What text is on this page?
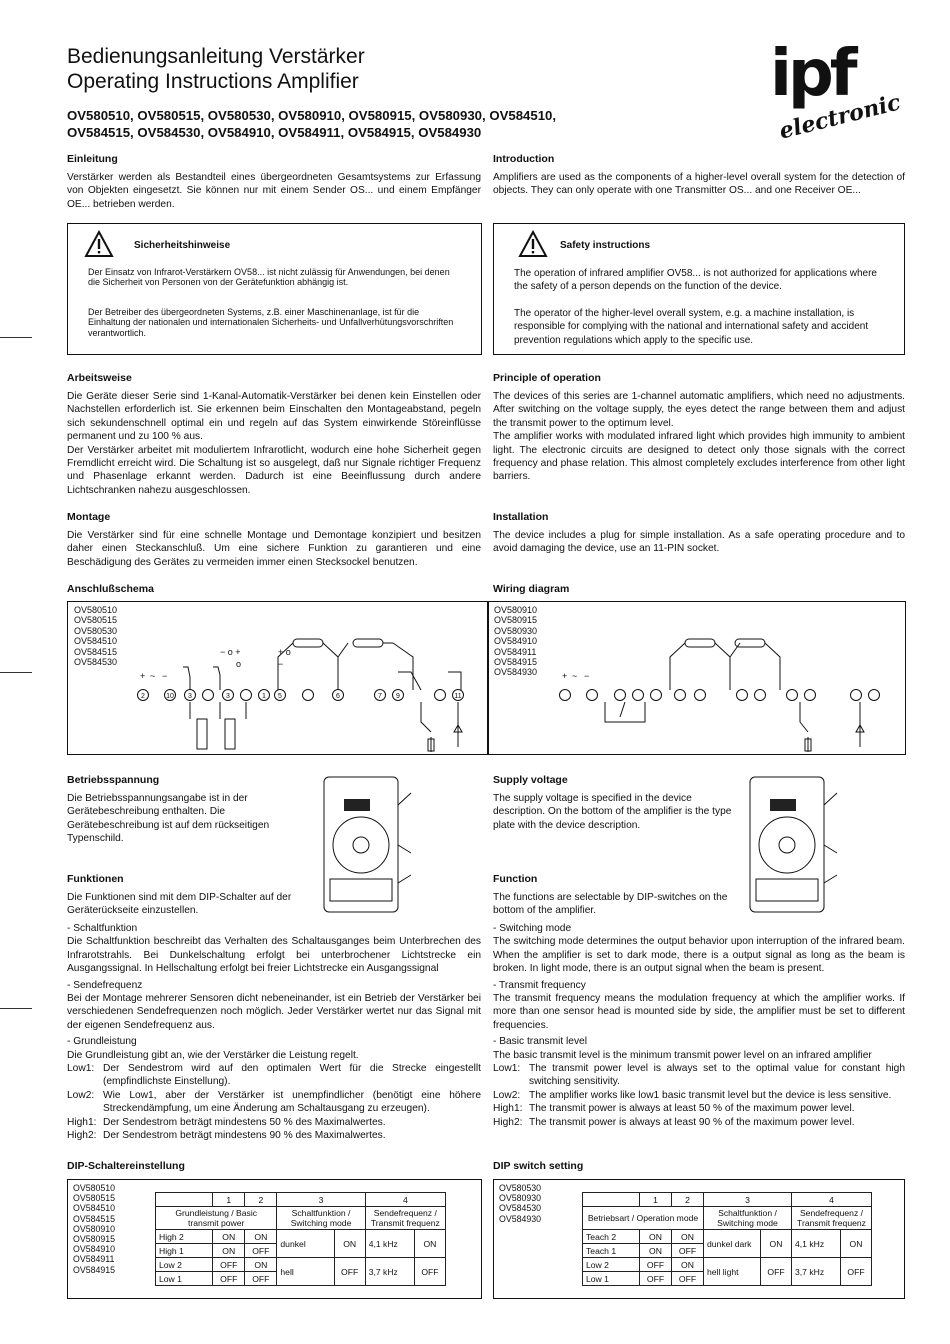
Bedienungsanleitung Verstärker
Operating Instructions Amplifier
OV580510, OV580515, OV580530, OV580910, OV580915, OV580930, OV584510,
OV584515, OV584530, OV584910, OV584911, OV584915, OV584930
ipf
electronic
Einleitung
Verstärker werden als Bestandteil eines übergeordneten Gesamtsystems zur Erfassung von Objekten eingesetzt. Sie können nur mit einem Sender OS... und einem Empfänger OE... betrieben werden.
Sicherheitshinweise
Der Einsatz von Infrarot-Verstärkern OV58... ist nicht zulässig für Anwendungen, bei denen die Sicherheit von Personen von der Gerätefunktion abhängig ist.
Der Betreiber des übergeordneten Systems, z.B. einer Maschinenanlage, ist für die Einhaltung der nationalen und internationalen Sicherheits- und Unfallverhütungsvorschriften verantwortlich.
Arbeitsweise

Die Geräte dieser Serie sind 1-Kanal-Automatik-Verstärker bei denen kein Einstellen oder Nachstellen erforderlich ist. Sie erkennen beim Einschalten den Montageabstand, pegeln sich sekundenschnell optimal ein und regeln auf das System einwirkende Störeinflüsse permanent und zu 100 % aus.

Der Verstärker arbeitet mit moduliertem Infrarotlicht, wodurch eine hohe Sicherheit gegen Fremdlicht erreicht wird. Die Schaltung ist so ausgelegt, daß nur Signale richtiger Frequenz und Phasenlage erkannt werden. Dadurch ist eine Beeinflussung durch andere Lichtschranken nahezu ausgeschlossen.

Montage
Die Verstärker sind für eine schnelle Montage und Demontage konzipiert und besitzen daher einen Steckanschluß. Um eine sichere Funktion zu garantieren und eine Beschädigung des Gerätes zu vermeiden immer einen Stecksockel benutzen.
Anschlußschema
Introduction
Amplifiers are used as the components of a higher-level overall system for the detection of objects. They can only operate with one Transmitter OS... and one Receiver OE...
Safety instructions
The operation of infrared amplifier OV58... is not authorized for applications where the safety of a person depends on the function of the device.
The operator of the higher-level overall system, e.g. a machine installation, is responsible for complying with the national and international safety and accident prevention regulations which apply to the specific use.
Principle of operation

The devices of this series are 1-channel automatic amplifiers, which need no adjustments. After switching on the voltage supply, the eyes detect the range between them and adjust the transmit power to the optimum level.

The amplifier works with modulated infrared light which provides high immunity to ambient light. The electronic circuits are designed to detect only those signals with the correct frequency and phase relation. This almost completely excludes interference from other light barriers.

Installation
The device includes a plug for simple installation. As a safe operating procedure and to avoid damaging the device, use an 11-PIN socket.
Wiring diagram
OV580510
OV580515
OV580530
OV584510
OV584515
OV584530
OV580910
OV580915
OV580930
OV584910
OV584911
OV584915
OV584930
+ ~ −
− o +
o
+ o
−
2	10 3	3	1 5	6	7 9	11
+ ~ −
Betriebsspannung
Die Betriebsspannungsangabe ist in der Gerätebeschreibung enthalten. Die Gerätebeschreibung ist auf dem rückseitigen Typenschild.
Funktionen
Die Funktionen sind mit dem DIP-Schalter auf der Geräterückseite einzustellen.

- Schaltfunktion

Die Schaltfunktion beschreibt das Verhalten des Schaltausganges beim Unterbrechen des Infrarotstrahls. Bei Dunkelschaltung erfolgt bei unterbrochener Lichtstrecke ein Ausgangssignal. In Hellschaltung erfolgt bei freier Lichtstrecke ein Ausgangssignal

- Sendefrequenz

Bei der Montage mehrerer Sensoren dicht nebeneinander, ist ein Betrieb der Verstärker bei verschiedenen Sendefrequenzen noch möglich. Jeder Verstärker wertet nur das Signal mit der eigenen Sendefrequenz aus.

- Grundleistung

Die Grundleistung gibt an, wie der Verstärker die Leistung regelt.

Low1: Der Sendestrom wird auf den optimalen Wert für die Strecke eingestellt (empfindlichste Einstellung).
Low2: Wie Low1, aber der Verstärker ist unempfindlicher (benötigt eine höhere Streckendämpfung, um eine Änderung am Schaltausgang zu erzeugen).
High1: Der Sendestrom beträgt mindestens 50 % des Maximalwertes.
High2: Der Sendestrom beträgt mindestens 90 % des Maximalwertes.
Supply voltage
The supply voltage is specified in the device description. On the bottom of the amplifier is the type plate with the device description.
Function
The functions are selectable by DIP-switches on the bottom of the amplifier.

- Switching mode

The switching mode determines the output behavior upon interruption of the infrared beam. When the amplifier is set to dark mode, there is a output signal as long as the beam is broken. In light mode, there is an output signal when the beam is present.

- Transmit frequency

The transmit frequency means the modulation frequency at which the amplifier works. If more than one sensor head is mounted side by side, the amplifier must be set to different frequencies.

- Basic transmit level

The basic transmit level is the minimum transmit power level on an infrared amplifier

Low1: The transmit power level is always set to the optimal value for constant high switching sensitivity.
Low2: The amplifier works like low1 basic transmit level but the device is less sensitive.
High1: The transmit power is always at least 50 % of the maximum power level.
High2: The transmit power is always at least 90 % of the maximum power level.
DIP-Schaltereinstellung	DIP switch setting
OV580510
OV580515
OV584510
OV584515
OV580910
OV580915
OV584910
OV584911
OV584915
	1	2	3		4	
Grundleistung / Basic transmit power			Schaltfunktion / Switching mode		Sendefrequenz / Transmit frequenz	
High 2	ON	ON	dunkel	ON	4,1 kHz	ON
High 1	ON	OFF				
Low 2	OFF	ON	hell	OFF	3,7 kHz	OFF
Low 1	OFF	OFF				
OV580530
OV580930
OV584530
OV584930
	1	2	3		4	
Betriebsart / Operation mode			Schaltfunktion / Switching mode		Sendefrequenz / Transmit frequenz	
Teach 2	ON	ON	dunkel dark	ON	4,1 kHz	ON
Teach 1	ON	OFF				
Low 2	OFF	ON	hell light	OFF	3,7 kHz	OFF
Low 1	OFF	OFF				
